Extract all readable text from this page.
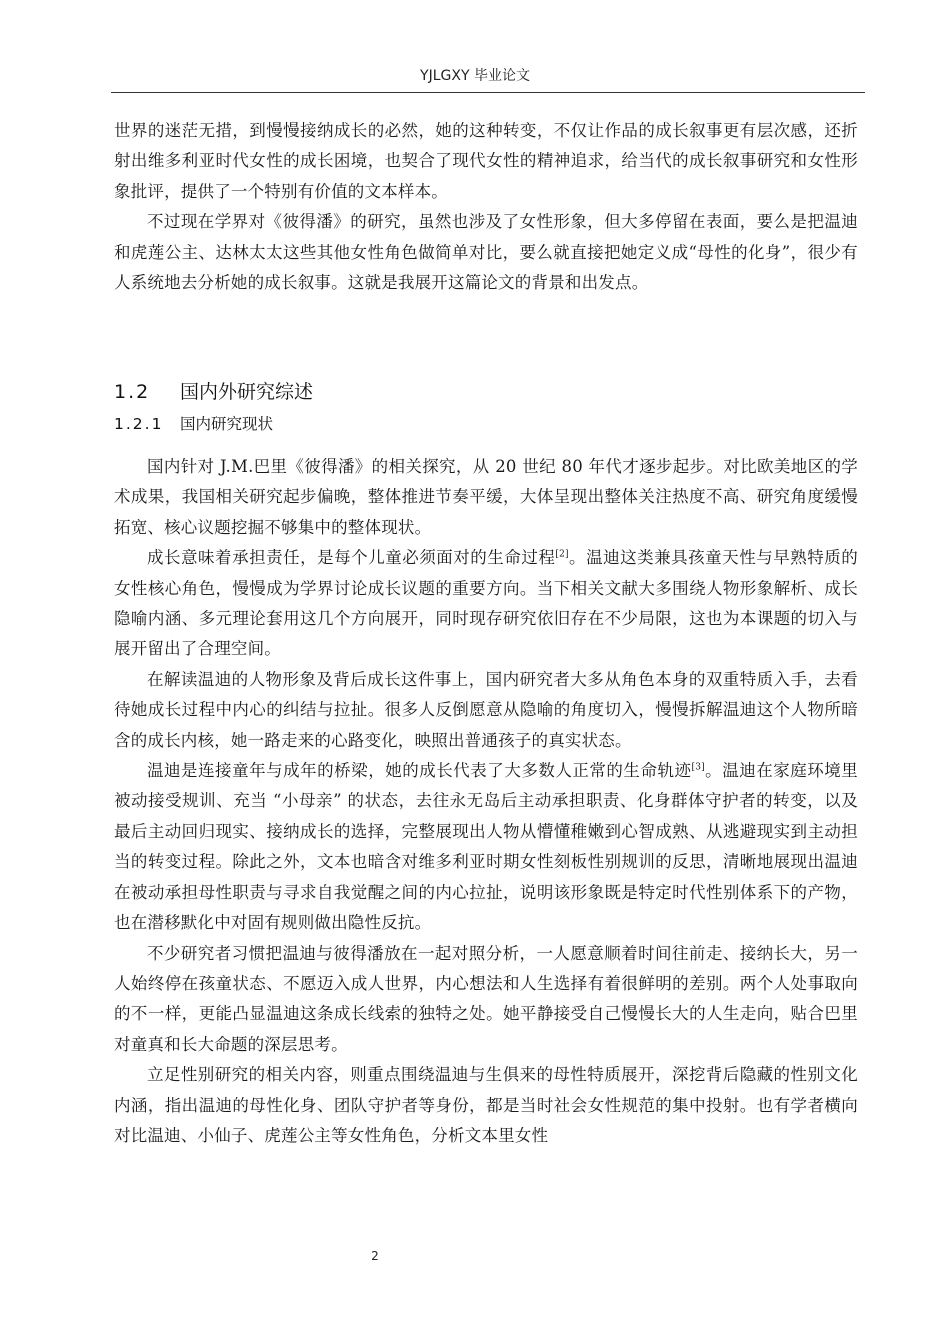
YJLGXY 毕业论文

世界的迷茫无措，到慢慢接纳成长的必然，她的这种转变，不仅让作品的成长叙事更有层次感，还折射出维多利亚时代女性的成长困境，也契合了现代女性的精神追求，给当代的成长叙事研究和女性形象批评，提供了一个特别有价值的文本样本。

不过现在学界对《彼得潘》的研究，虽然也涉及了女性形象，但大多停留在表面，要么是把温迪和虎莲公主、达林太太这些其他女性角色做简单对比，要么就直接把她定义成“母性的化身”，很少有人系统地去分析她的成长叙事。这就是我展开这篇论文的背景和出发点。

1.2 国内外研究综述
1.2.1 国内研究现状

国内针对 J.M.巴里《彼得潘》的相关探究，从 20 世纪 80 年代才逐步起步。对比欧美地区的学术成果，我国相关研究起步偏晚，整体推进节奏平缓，大体呈现出整体关注热度不高、研究角度缓慢拓宽、核心议题挖掘不够集中的整体现状。

成长意味着承担责任，是每个儿童必须面对的生命过程[2]。温迪这类兼具孩童天性与早熟特质的女性核心角色，慢慢成为学界讨论成长议题的重要方向。当下相关文献大多围绕人物形象解析、成长隐喻内涵、多元理论套用这几个方向展开，同时现存研究依旧存在不少局限，这也为本课题的切入与展开留出了合理空间。

在解读温迪的人物形象及背后成长这件事上，国内研究者大多从角色本身的双重特质入手，去看待她成长过程中内心的纠结与拉扯。很多人反倒愿意从隐喻的角度切入，慢慢拆解温迪这个人物所暗含的成长内核，她一路走来的心路变化，映照出普通孩子的真实状态。

温迪是连接童年与成年的桥梁，她的成长代表了大多数人正常的生命轨迹[3]。温迪在家庭环境里被动接受规训、充当 “小母亲” 的状态，去往永无岛后主动承担职责、化身群体守护者的转变，以及最后主动回归现实、接纳成长的选择，完整展现出人物从懵懂稚嫩到心智成熟、从逃避现实到主动担当的转变过程。除此之外，文本也暗含对维多利亚时期女性刻板性别规训的反思，清晰地展现出温迪在被动承担母性职责与寻求自我觉醒之间的内心拉扯，说明该形象既是特定时代性别体系下的产物，也在潜移默化中对固有规则做出隐性反抗。

不少研究者习惯把温迪与彼得潘放在一起对照分析，一人愿意顺着时间往前走、接纳长大，另一人始终停在孩童状态、不愿迈入成人世界，内心想法和人生选择有着很鲜明的差别。两个人处事取向的不一样，更能凸显温迪这条成长线索的独特之处。她平静接受自己慢慢长大的人生走向，贴合巴里对童真和长大命题的深层思考。

立足性别研究的相关内容，则重点围绕温迪与生俱来的母性特质展开，深挖背后隐藏的性别文化内涵，指出温迪的母性化身、团队守护者等身份，都是当时社会女性规范的集中投射。也有学者横向对比温迪、小仙子、虎莲公主等女性角色，分析文本里女性

2
